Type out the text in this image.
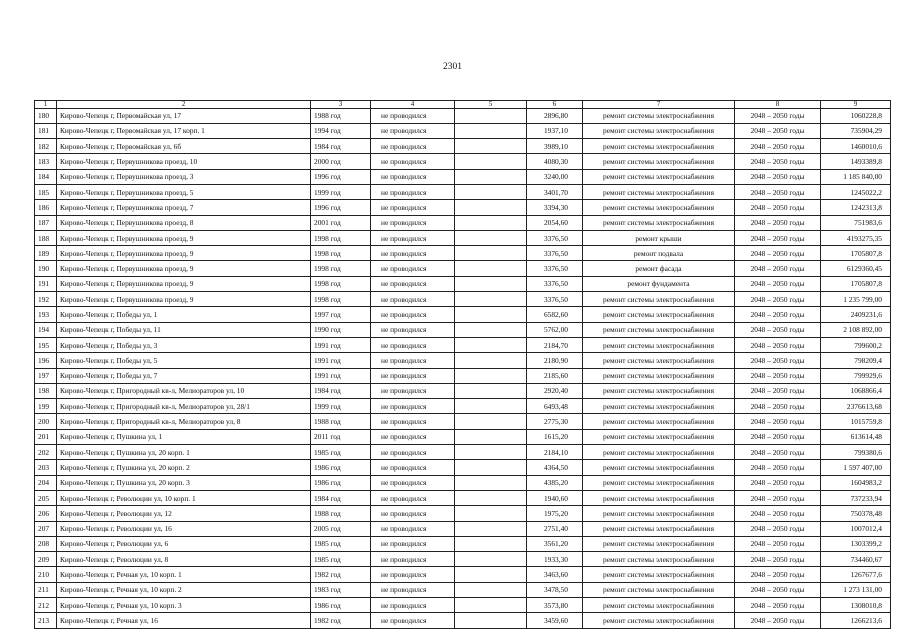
2301
1	2	3	4	5	6	7	8	9
180	Кирово-Чепецк г, Первомайская ул, 17	1988 год	не проводился		2896,80	ремонт системы электроснабжения	2048 – 2050 годы	1060228,8
181	Кирово-Чепецк г, Первомайская ул, 17 корп. 1	1994 год	не проводился		1937,10	ремонт системы электроснабжения	2048 – 2050 годы	735904,29
182	Кирово-Чепецк г, Первомайская ул, 6б	1984 год	не проводился		3989,10	ремонт системы электроснабжения	2048 – 2050 годы	1460010,6
183	Кирово-Чепецк г, Первушникова проезд, 10	2000 год	не проводился		4080,30	ремонт системы электроснабжения	2048 – 2050 годы	1493389,8
184	Кирово-Чепецк г, Первушникова проезд, 3	1996 год	не проводился		3240,00	ремонт системы электроснабжения	2048 – 2050 годы	1 185 840,00
185	Кирово-Чепецк г, Первушникова проезд, 5	1999 год	не проводился		3401,70	ремонт системы электроснабжения	2048 – 2050 годы	1245022,2
186	Кирово-Чепецк г, Первушникова проезд, 7	1996 год	не проводился		3394,30	ремонт системы электроснабжения	2048 – 2050 годы	1242313,8
187	Кирово-Чепецк г, Первушникова проезд, 8	2001 год	не проводился		2054,60	ремонт системы электроснабжения	2048 – 2050 годы	751983,6
188	Кирово-Чепецк г, Первушникова проезд, 9	1998 год	не проводился		3376,50	ремонт крыши	2048 – 2050 годы	4193275,35
189	Кирово-Чепецк г, Первушникова проезд, 9	1998 год	не проводился		3376,50	ремонт подвала	2048 – 2050 годы	1705807,8
190	Кирово-Чепецк г, Первушникова проезд, 9	1998 год	не проводился		3376,50	ремонт фасада	2048 – 2050 годы	6129360,45
191	Кирово-Чепецк г, Первушникова проезд, 9	1998 год	не проводился		3376,50	ремонт фундамента	2048 – 2050 годы	1705807,8
192	Кирово-Чепецк г, Первушникова проезд, 9	1998 год	не проводился		3376,50	ремонт системы электроснабжения	2048 – 2050 годы	1 235 799,00
193	Кирово-Чепецк г, Победы ул, 1	1997 год	не проводился		6582,60	ремонт системы электроснабжения	2048 – 2050 годы	2409231,6
194	Кирово-Чепецк г, Победы ул, 11	1990 год	не проводился		5762,00	ремонт системы электроснабжения	2048 – 2050 годы	2 108 892,00
195	Кирово-Чепецк г, Победы ул, 3	1991 год	не проводился		2184,70	ремонт системы электроснабжения	2048 – 2050 годы	799600,2
196	Кирово-Чепецк г, Победы ул, 5	1991 год	не проводился		2180,90	ремонт системы электроснабжения	2048 – 2050 годы	798209,4
197	Кирово-Чепецк г, Победы ул, 7	1991 год	не проводился		2185,60	ремонт системы электроснабжения	2048 – 2050 годы	799929,6
198	Кирово-Чепецк г, Пригородный кв-л, Мелиораторов ул, 10	1984 год	не проводился		2920,40	ремонт системы электроснабжения	2048 – 2050 годы	1068866,4
199	Кирово-Чепецк г, Пригородный кв-л, Мелиораторов ул, 28/1	1999 год	не проводился		6493,48	ремонт системы электроснабжения	2048 – 2050 годы	2376613,68
200	Кирово-Чепецк г, Пригородный кв-л, Мелиораторов ул, 8	1988 год	не проводился		2775,30	ремонт системы электроснабжения	2048 – 2050 годы	1015759,8
201	Кирово-Чепецк г, Пушкина ул, 1	2011 год	не проводился		1615,20	ремонт системы электроснабжения	2048 – 2050 годы	613614,48
202	Кирово-Чепецк г, Пушкина ул, 20 корп. 1	1985 год	не проводился		2184,10	ремонт системы электроснабжения	2048 – 2050 годы	799380,6
203	Кирово-Чепецк г, Пушкина ул, 20 корп. 2	1986 год	не проводился		4364,50	ремонт системы электроснабжения	2048 – 2050 годы	1 597 407,00
204	Кирово-Чепецк г, Пушкина ул, 20 корп. 3	1986 год	не проводился		4385,20	ремонт системы электроснабжения	2048 – 2050 годы	1604983,2
205	Кирово-Чепецк г, Революции ул, 10 корп. 1	1984 год	не проводился		1940,60	ремонт системы электроснабжения	2048 – 2050 годы	737233,94
206	Кирово-Чепецк г, Революции ул, 12	1988 год	не проводился		1975,20	ремонт системы электроснабжения	2048 – 2050 годы	750378,48
207	Кирово-Чепецк г, Революции ул, 16	2005 год	не проводился		2751,40	ремонт системы электроснабжения	2048 – 2050 годы	1007012,4
208	Кирово-Чепецк г, Революции ул, 6	1985 год	не проводился		3561,20	ремонт системы электроснабжения	2048 – 2050 годы	1303399,2
209	Кирово-Чепецк г, Революции ул, 8	1985 год	не проводился		1933,30	ремонт системы электроснабжения	2048 – 2050 годы	734460,67
210	Кирово-Чепецк г, Речная ул, 10 корп. 1	1982 год	не проводился		3463,60	ремонт системы электроснабжения	2048 – 2050 годы	1267677,6
211	Кирово-Чепецк г, Речная ул, 10 корп. 2	1983 год	не проводился		3478,50	ремонт системы электроснабжения	2048 – 2050 годы	1 273 131,00
212	Кирово-Чепецк г, Речная ул, 10 корп. 3	1986 год	не проводился		3573,80	ремонт системы электроснабжения	2048 – 2050 годы	1308010,8
213	Кирово-Чепецк г, Речная ул, 16	1982 год	не проводился		3459,60	ремонт системы электроснабжения	2048 – 2050 годы	1266213,6
